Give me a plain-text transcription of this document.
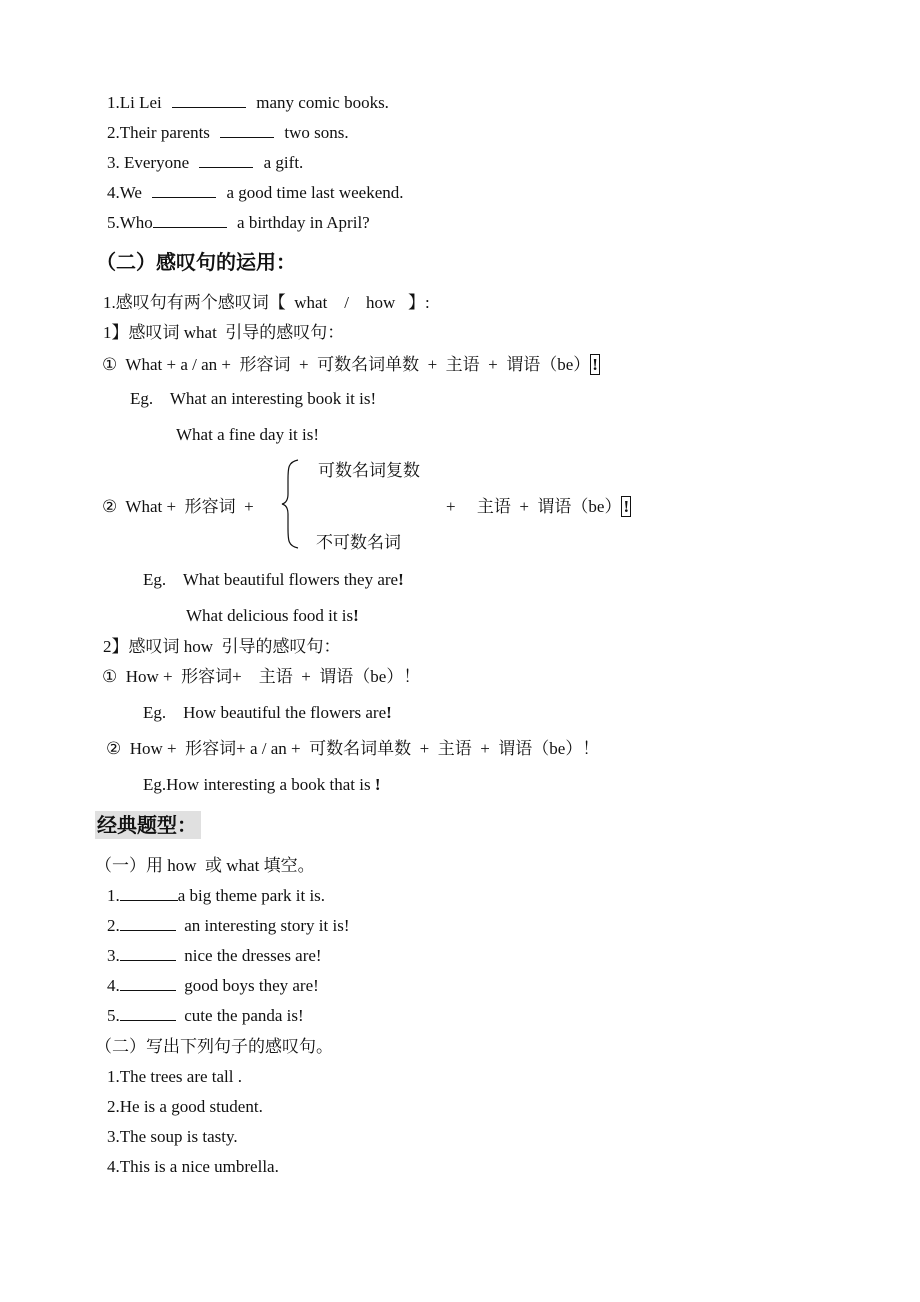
1.Li Lei	many comic books.
2.Their parents	two sons.
3. Everyone	a gift.
4.We	a good time last weekend.
5.Who	a birthday in April?
（二）感叹句的运用：
1.感叹句有两个感叹词【  what    /    how   】:
1】感叹词 what  引导的感叹句：
①  What + a / an +  形容词  +  可数名词单数  +  主语  +  谓语（be） !
Eg. What an interesting book it is!
What a fine day it is!
②  What +  形容词  +
可数名词复数
不可数名词
+     主语  +  谓语（be） !
Eg. What beautiful flowers they are!
What delicious food it is!
2】感叹词 how  引导的感叹句：
①  How +  形容词+    主语  +  谓语（be）！
Eg. How beautiful the flowers are!
②  How +  形容词+ a / an +  可数名词单数  +  主语  +  谓语（be）！
Eg.How interesting a book that is !
经典题型：
（一）用 how  或 what 填空。
1.	a big theme park it is.
2.	an interesting story it is!
3.	nice the dresses are!
4.	good boys they are!
5.	cute the panda is!
（二）写出下列句子的感叹句。
1.The trees are tall .
2.He is a good student.
3.The soup is tasty.
4.This is a nice umbrella.
